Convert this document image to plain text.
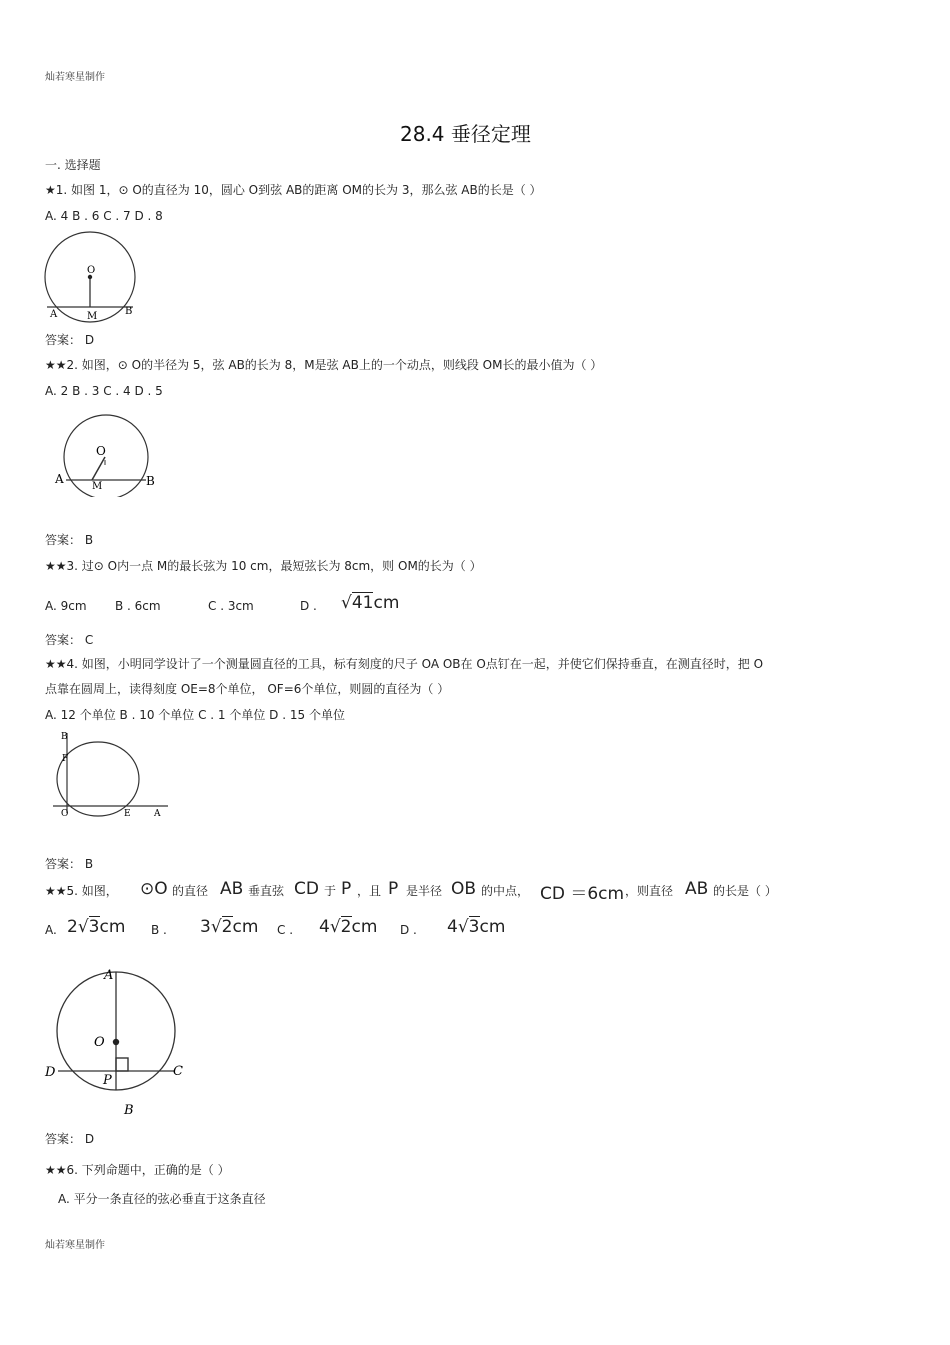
灿若寒星制作
28.4 垂径定理
一. 选择题
★1. 如图 1，⊙ O的直径为 10，圆心 O到弦 AB的距离 OM的长为 3，那么弦 AB的长是（ ）
A. 4 B . 6 C . 7 D . 8
O
A	M	B
答案： D
★★2. 如图，⊙ O的半径为 5，弦 AB的长为 8，M是弦 AB上的一个动点，则线段 OM长的最小值为（ ）
A. 2 B . 3 C . 4 D . 5
O
A
M	B
答案： B
★★3. 过⊙ O内一点 M的最长弦为 10 cm，最短弦长为 8cm，则 OM的长为（ ）
A. 9cm B . 6cm	C . 3cm	D . √41cm
答案： C
★★4. 如图，小明同学设计了一个测量圆直径的工具，标有刻度的尺子 OA OB在 O点钉在一起，并使它们保持垂直，在测直径时，把 O
点靠在圆周上，读得刻度 OE=8个单位， OF=6个单位，则圆的直径为（ ）
A. 12 个单位 B . 10 个单位 C . 1 个单位 D . 15 个单位
B
F
O	E	A
答案： B
★★5. 如图， ⊙O 的直径 AB 垂直弦 CD 于 P ，且 P 是半径 OB 的中点， CD ＝6cm ，则直径 AB 的长是（ ）
A. 2√3cm B . 3√2cm C . 4√2cm D . 4√3cm
A
O
D	C
P
B
答案： D
★★6. 下列命题中，正确的是（ ）
A. 平分一条直径的弦必垂直于这条直径
灿若寒星制作
